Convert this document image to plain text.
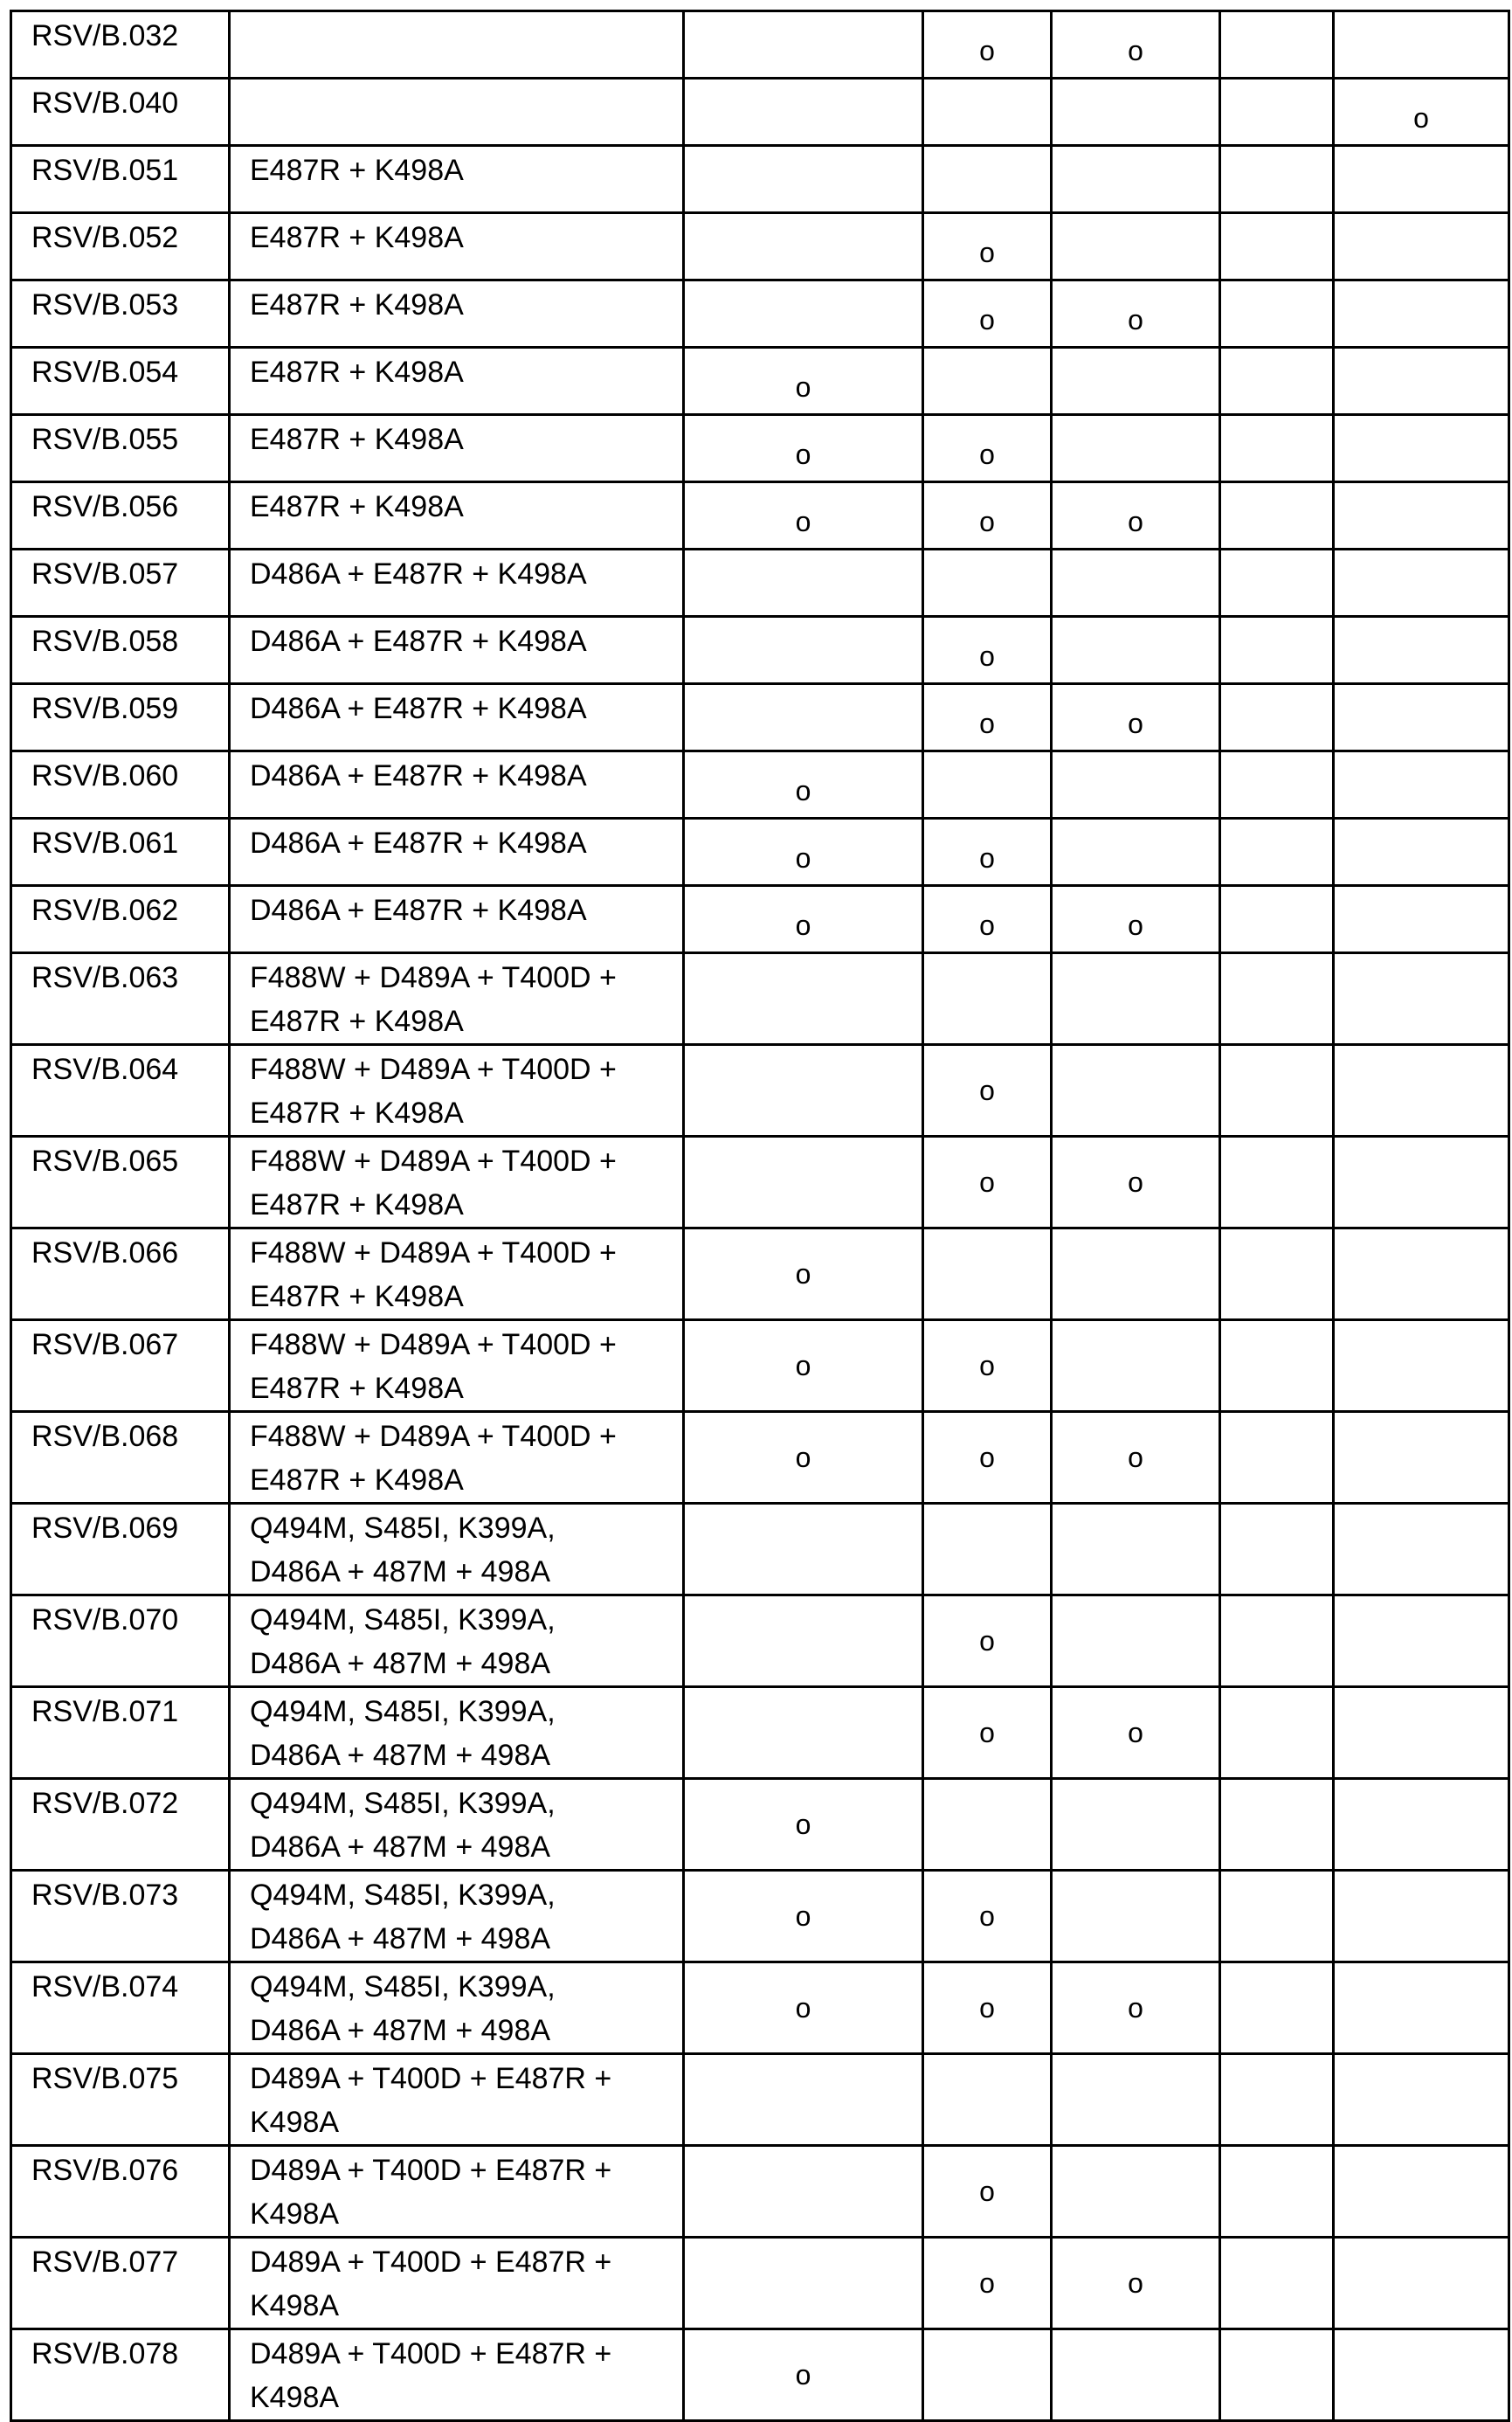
RSV/B.032			o	o			
RSV/B.040						o	
RSV/B.051	E487R + K498A						
RSV/B.052	E487R + K498A		o				
RSV/B.053	E487R + K498A		o	o			
RSV/B.054	E487R + K498A	o					
RSV/B.055	E487R + K498A	o	o				
RSV/B.056	E487R + K498A	o	o	o			
RSV/B.057	D486A + E487R + K498A						
RSV/B.058	D486A + E487R + K498A		o				
RSV/B.059	D486A + E487R + K498A		o	o			
RSV/B.060	D486A + E487R + K498A	o					
RSV/B.061	D486A + E487R + K498A	o	o				
RSV/B.062	D486A + E487R + K498A	o	o	o			
RSV/B.063	F488W + D489A + T400D +
E487R + K498A						
RSV/B.064	F488W + D489A + T400D +
E487R + K498A		o				
RSV/B.065	F488W + D489A + T400D +
E487R + K498A		o	o			
RSV/B.066	F488W + D489A + T400D +
E487R + K498A	o					
RSV/B.067	F488W + D489A + T400D +
E487R + K498A	o	o				
RSV/B.068	F488W + D489A + T400D +
E487R + K498A	o	o	o			
RSV/B.069	Q494M, S485I, K399A,
D486A + 487M + 498A						
RSV/B.070	Q494M, S485I, K399A,
D486A + 487M + 498A		o				
RSV/B.071	Q494M, S485I, K399A,
D486A + 487M + 498A		o	o			
RSV/B.072	Q494M, S485I, K399A,
D486A + 487M + 498A	o					
RSV/B.073	Q494M, S485I, K399A,
D486A + 487M + 498A	o	o				
RSV/B.074	Q494M, S485I, K399A,
D486A + 487M + 498A	o	o	o			
RSV/B.075	D489A + T400D + E487R +
K498A						
RSV/B.076	D489A + T400D + E487R +
K498A		o				
RSV/B.077	D489A + T400D + E487R +
K498A		o	o			
RSV/B.078	D489A + T400D + E487R +
K498A	o					
